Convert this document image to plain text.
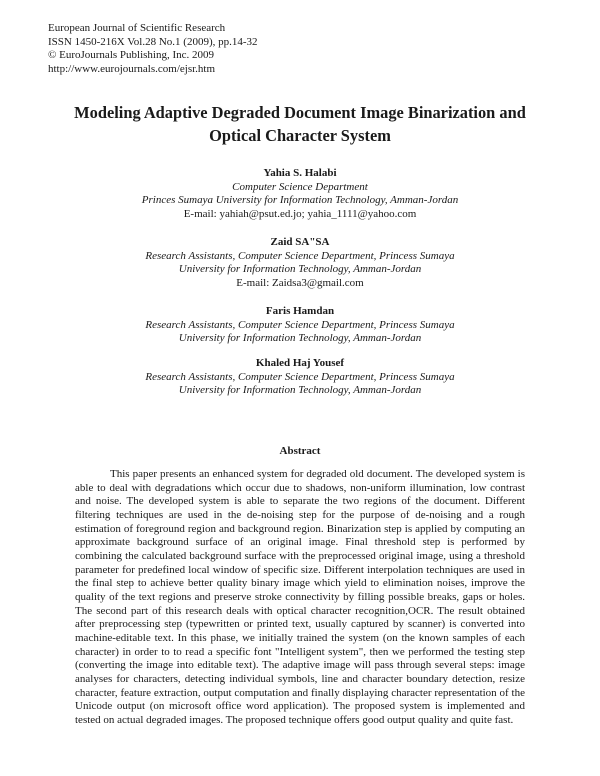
European Journal of Scientific Research
ISSN 1450-216X Vol.28 No.1 (2009), pp.14-32
© EuroJournals Publishing, Inc. 2009
http://www.eurojournals.com/ejsr.htm
Modeling Adaptive Degraded Document Image Binarization and
Optical Character System
Yahia S. Halabi
Computer Science Department
Princes Sumaya University for Information Technology, Amman-Jordan
E-mail: yahiah@psut.ed.jo; yahia_1111@yahoo.com
Zaid SA"SA
Research Assistants, Computer Science Department, Princess Sumaya
University for Information Technology, Amman-Jordan
E-mail: Zaidsa3@gmail.com
Faris Hamdan
Research Assistants, Computer Science Department, Princess Sumaya
University for Information Technology, Amman-Jordan
Khaled Haj Yousef
Research Assistants, Computer Science Department, Princess Sumaya
University for Information Technology, Amman-Jordan
Abstract

This paper presents an enhanced system for degraded old document. The developed system is able to deal with degradations which occur due to shadows, non-uniform illumination, low contrast and noise. The developed system is able to separate the two regions of the document. Different filtering techniques are used in the de-noising step for the purpose of de-noising and a rough estimation of foreground region and background region. Binarization step is applied by computing an approximate background surface of an original image. Final threshold step is performed by combining the calculated background surface with the preprocessed original image, using a threshold parameter for predefined local window of specific size. Different interpolation techniques are used in the final step to achieve better quality binary image which yield to elimination noises, improve the quality of the text regions and preserve stroke connectivity by filling possible breaks, gaps or holes. The second part of this research deals with optical character recognition,OCR. The result obtained after preprocessing step (typewritten or printed text, usually captured by scanner) is converted into machine-editable text. In this phase, we initially trained the system (on the known samples of each character) in order to to read a specific font "Intelligent system", then we performed the testing step (converting the image into editable text). The adaptive image will pass through several steps: image analyses for characters, detecting individual symbols, line and character boundary detection, resize character, feature extraction, output computation and finally displaying character representation of the Unicode output (on microsoft office word application). The proposed system is implemented and tested on actual degraded images. The proposed technique offers good output quality and quite fast.
